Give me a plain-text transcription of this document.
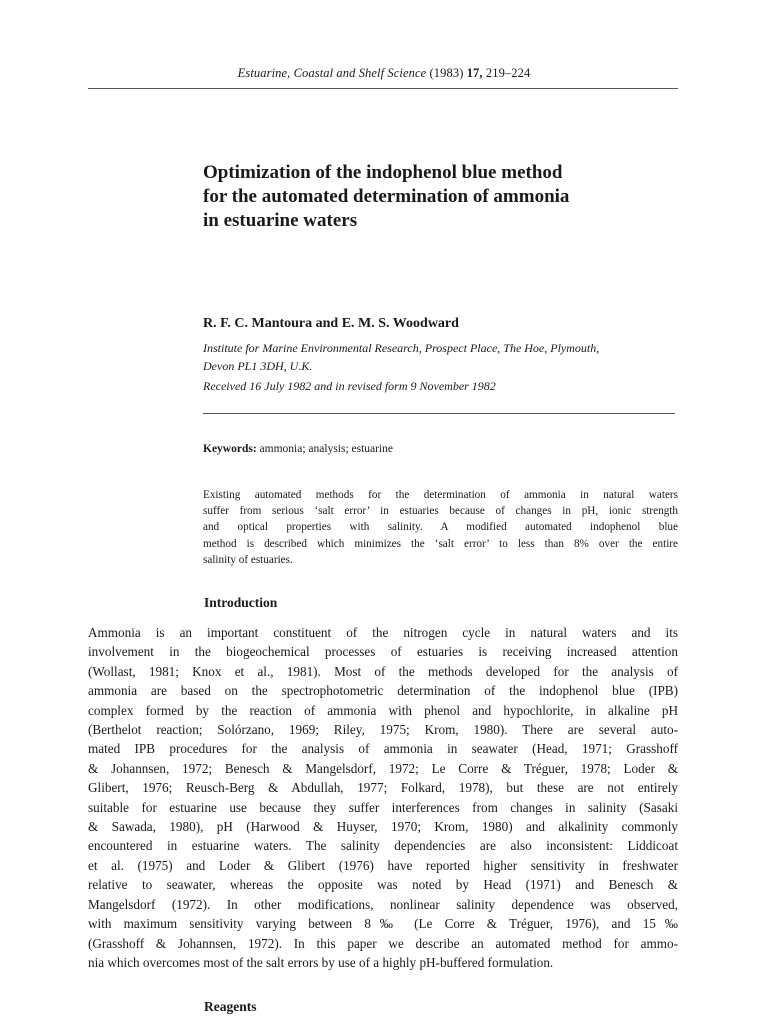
Estuarine, Coastal and Shelf Science (1983) 17, 219–224
Optimization of the indophenol blue method
for the automated determination of ammonia
in estuarine waters
R. F. C. Mantoura and E. M. S. Woodward
Institute for Marine Environmental Research, Prospect Place, The Hoe, Plymouth,
Devon PL1 3DH, U.K.
Received 16 July 1982 and in revised form 9 November 1982
Keywords: ammonia; analysis; estuarine
Existing automated methods for the determination of ammonia in natural waters
suffer from serious ‘salt error’ in estuaries because of changes in pH, ionic strength
and optical properties with salinity. A modified automated indophenol blue
method is described which minimizes the ‘salt error’ to less than 8% over the entire
salinity of estuaries.
Introduction
Ammonia is an important constituent of the nitrogen cycle in natural waters and its
involvement in the biogeochemical processes of estuaries is receiving increased attention
(Wollast, 1981; Knox et al., 1981). Most of the methods developed for the analysis of
ammonia are based on the spectrophotometric determination of the indophenol blue (IPB)
complex formed by the reaction of ammonia with phenol and hypochlorite, in alkaline pH
(Berthelot reaction; Solórzano, 1969; Riley, 1975; Krom, 1980). There are several auto-
mated IPB procedures for the analysis of ammonia in seawater (Head, 1971; Grasshoff
& Johannsen, 1972; Benesch & Mangelsdorf, 1972; Le Corre & Tréguer, 1978; Loder &
Glibert, 1976; Reusch-Berg & Abdullah, 1977; Folkard, 1978), but these are not entirely
suitable for estuarine use because they suffer interferences from changes in salinity (Sasaki
& Sawada, 1980), pH (Harwood & Huyser, 1970; Krom, 1980) and alkalinity commonly
encountered in estuarine waters. The salinity dependencies are also inconsistent: Liddicoat
et al. (1975) and Loder & Glibert (1976) have reported higher sensitivity in freshwater
relative to seawater, whereas the opposite was noted by Head (1971) and Benesch &
Mangelsdorf (1972). In other modifications, nonlinear salinity dependence was observed,
with maximum sensitivity varying between 8‰ (Le Corre & Tréguer, 1976), and 15‰
(Grasshoff & Johannsen, 1972). In this paper we describe an automated method for ammo-
nia which overcomes most of the salt errors by use of a highly pH-buffered formulation.
Reagents
